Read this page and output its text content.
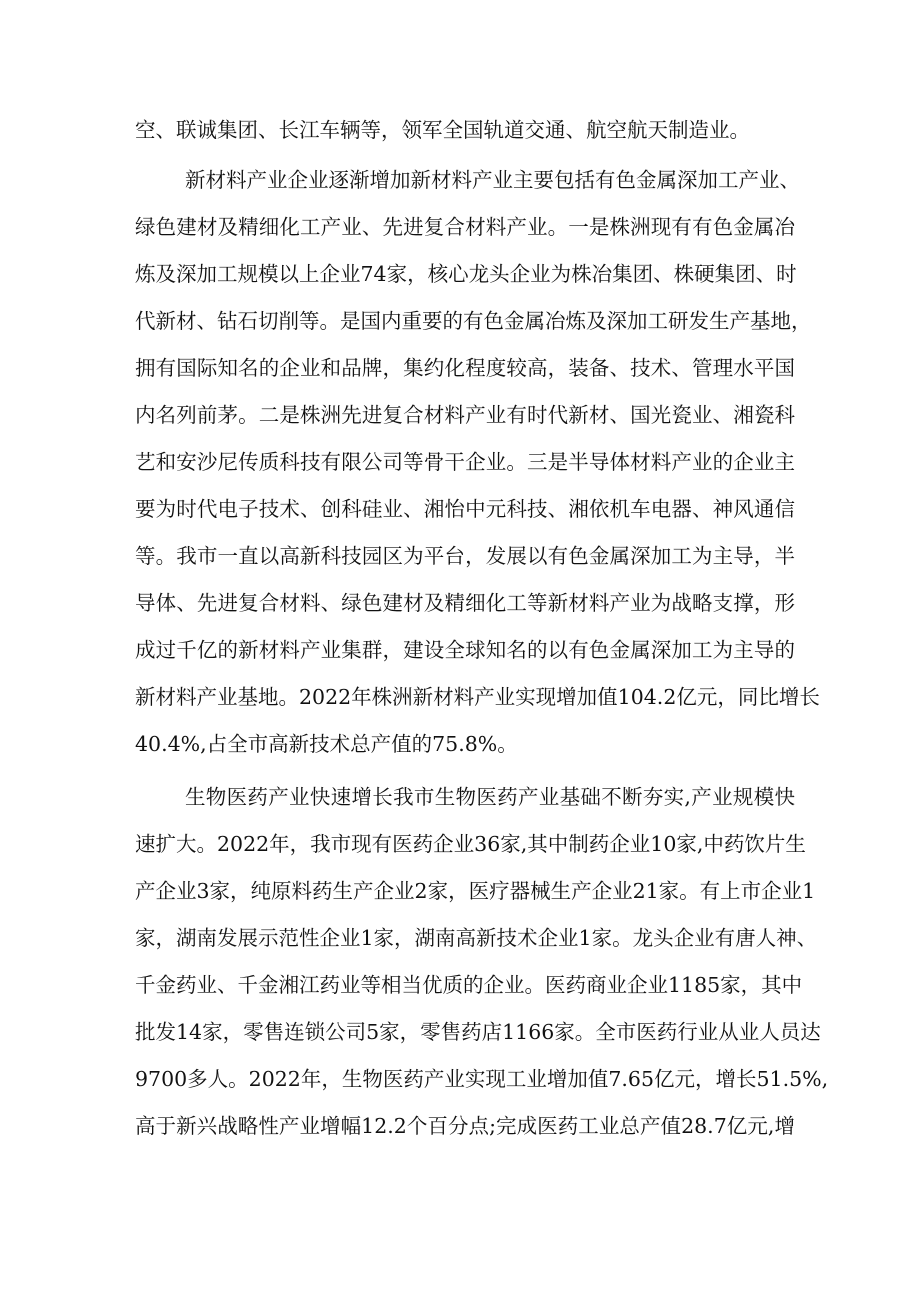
空、联诚集团、长江车辆等，领军全国轨道交通、航空航天制造业。
新材料产业企业逐渐增加新材料产业主要包括有色金属深加工产业、
绿色建材及精细化工产业、先进复合材料产业。一是株洲现有有色金属冶
炼及深加工规模以上企业74家，核心龙头企业为株冶集团、株硬集团、时
代新材、钻石切削等。是国内重要的有色金属冶炼及深加工研发生产基地，
拥有国际知名的企业和品牌，集约化程度较高，装备、技术、管理水平国
内名列前茅。二是株洲先进复合材料产业有时代新材、国光瓷业、湘瓷科
艺和安沙尼传质科技有限公司等骨干企业。三是半导体材料产业的企业主
要为时代电子技术、创科硅业、湘怡中元科技、湘依机车电器、神风通信
等。我市一直以高新科技园区为平台，发展以有色金属深加工为主导，半
导体、先进复合材料、绿色建材及精细化工等新材料产业为战略支撑，形
成过千亿的新材料产业集群，建设全球知名的以有色金属深加工为主导的
新材料产业基地。2022年株洲新材料产业实现增加值104.2亿元，同比增长
40.4%,占全市高新技术总产值的75.8%。
生物医药产业快速增长我市生物医药产业基础不断夯实,产业规模快
速扩大。2022年，我市现有医药企业36家,其中制药企业10家,中药饮片生
产企业3家，纯原料药生产企业2家，医疗器械生产企业21家。有上市企业1
家，湖南发展示范性企业1家，湖南高新技术企业1家。龙头企业有唐人神、
千金药业、千金湘江药业等相当优质的企业。医药商业企业1185家，其中
批发14家，零售连锁公司5家，零售药店1166家。全市医药行业从业人员达
9700多人。2022年，生物医药产业实现工业增加值7.65亿元，增长51.5%,
高于新兴战略性产业增幅12.2个百分点;完成医药工业总产值28.7亿元,增
